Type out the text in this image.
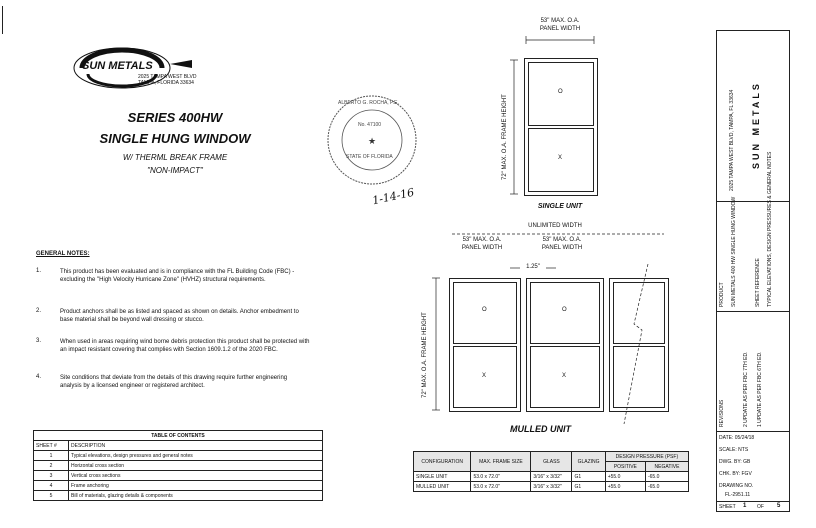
SUN METALS
2025 TAMPA WEST BLVD
TAMPA, FLORIDA 33634
SERIES 400HW
SINGLE HUNG WINDOW
W/ THERML BREAK FRAME
"NON-IMPACT"
★
ALBERTO G. ROCHA, P.E.
No. 47100
STATE OF FLORIDA
1-14-16
GENERAL NOTES:
1.	This product has been evaluated and is in compliance with the FL Building Code (FBC) - excluding the "High Velocity Hurricane Zone" (HVHZ) structural requirements.
2.	Product anchors shall be as listed and spaced as shown on details. Anchor embedment to base material shall be beyond wall dressing or stucco.
3.	When used in areas requiring wind borne debris protection this product shall be protected with an impact resistant covering that complies with Section 1609.1.2 of the 2020 FBC.
4.	Site conditions that deviate from the details of this drawing require further engineering analysis by a licensed engineer or registered architect.
TABLE OF CONTENTS	
SHEET #	DESCRIPTION
1	Typical elevations, design pressures and general notes
2	Horizontal cross section
3	Vertical cross sections
4	Frame anchoring
5	Bill of materials, glazing details & components
53" MAX. O.A.
PANEL WIDTH
72" MAX. O.A. FRAME HEIGHT
O
X
SINGLE UNIT
UNLIMITED WIDTH
53" MAX. O.A.
PANEL WIDTH
53" MAX. O.A.
PANEL WIDTH
1.25"
72" MAX. O.A. FRAME HEIGHT
O
X
O
X
MULLED UNIT
CONFIGURATION	MAX. FRAME SIZE	GLASS	GLAZING	DESIGN PRESSURE (PSF)	
				POSITIVE	NEGATIVE
SINGLE UNIT	53.0 x 72.0"	3/16" x 3/32"	G1	+55.0	-65.0
MULLED UNIT	53.0 x 72.0"	3/16" x 3/32"	G1	+55.0	-65.0
2025 TAMPA WEST BLVD, TAMPA, FL 33634 SUN METALS
PRODUCT SUN METALS 400 HW SINGLE HUNG WINDOW	SHEET REFERENCE TYPICAL ELEVATIONS, DESIGN PRESSURES & GENERAL NOTES
REVISIONS	2 UPDATE AS PER FBC 7TH ED. 1 UPDATE AS PER FBC 6TH ED.
DATE: 05/24/18
SCALE: NTS
DWG. BY: GB
CHK. BY: FGV
DRAWING NO.
FL-2951.11
SHEET 1 OF 5
